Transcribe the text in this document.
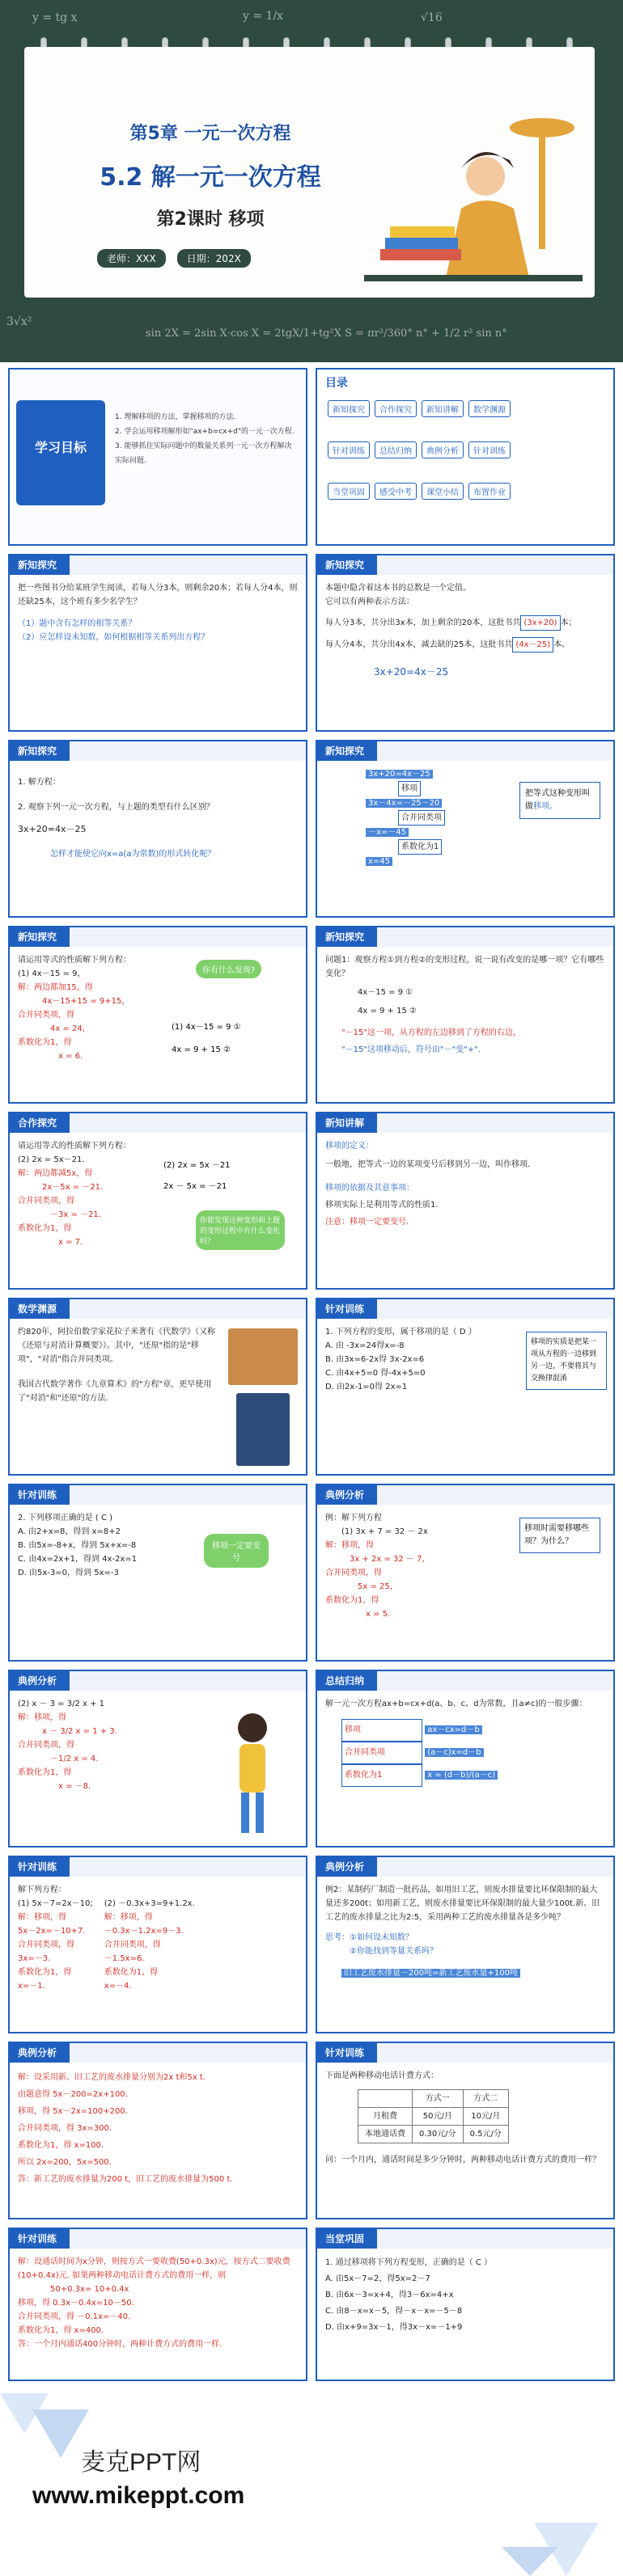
y = tg x	y = 1/x	√16
3√x²
第5章 一元一次方程
5.2 解一元一次方程
第2课时 移项
老师：XXX	日期：202X
sin 2X = 2sin X·cos X = 2tgX/1+tg²X S = πr²/360° n° + 1/2 r² sin n°
学习目标
1. 理解移项的方法，掌握移项的方法.
2. 学会运用移项解形如"ax+b=cx+d"的一元一次方程.
3. 能够抓住实际问题中的数量关系列一元一次方程解决实际问题.
目录
新知探究 合作探究 新知讲解 数学渊源
针对训练 总结归纳 典例分析 针对训练
当堂巩固 感受中考 课堂小结 布置作业
新知探究
把一些图书分给某班学生阅读，若每人分3本，则剩余20本；若每人分4本，则还缺25本，这个班有多少名学生？
（1）题中含有怎样的相等关系？
（2）应怎样设未知数，如何根据相等关系列出方程？
新知探究
本题中隐含着这本书的总数是一个定值。
它可以有两种表示方法：
每人分3本，共分出3x本，加上剩余的20本，这批书共 (3x+20) 本；
每人分4本，共分出4x本，减去缺的25本，这批书共 (4x－25) 本。
3x+20=4x－25
新知探究
1. 解方程：
2. 观察下列一元一次方程，与上题的类型有什么区别？
3x+20=4x－25
怎样才能使它向x=a(a为常数)的形式转化呢？
新知探究
3x+20=4x－25
移项
3x－4x=－25－20
合并同类项
－x=－45
系数化为1
x=45
把等式这种变形叫做移项。
新知探究
请运用等式的性质解下列方程：
(1) 4x－15 = 9，
解：两边都加15，得
4x－15+15 = 9+15，
合并同类项，得
4x = 24，
系数化为1，得
x = 6.
你有什么发现?
(1) 4x－15 = 9 ①
4x = 9 + 15 ②
新知探究
问题1：观察方程①到方程②的变形过程，说一说有改变的是哪一项？它有哪些变化？
4x－15 = 9 ①
4x = 9 + 15 ②
"－15"这一项，从方程的左边移到了方程的右边，
"－15"这项移动后，符号由"－"变"+".
合作探究
请运用等式的性质解下列方程：
(2) 2x = 5x－21.
解：两边都减5x，得
2x－5x = －21.
合并同类项，得
－3x = －21.
系数化为1，得
x = 7.
(2) 2x = 5x －21
2x － 5x = －21
你能发现这种变形和上题的变形过程中有什么变化吗？
新知讲解
移项的定义：
一般地，把等式一边的某项变号后移到另一边，叫作移项.
移项的依据及其意事项：
移项实际上是利用等式的性质1.
注意：移项一定要变号.
数学渊源
约820年，阿拉伯数学家花拉子米著有《代数学》（又称《还原与对消计算概要》）。其中，"还原"指的是"移项"，"对消"指合并同类项。
我国古代数学著作《九章算术》的"方程"章，更早使用了"对消"和"还原"的方法.
针对训练
1. 下列方程的变形，属于移项的是（ D ）
A. 由 -3x=24得x=-8
B. 由3x=6-2x得 3x-2x=6
C. 由4x+5=0 得-4x+5=0
D. 由2x-1=0得 2x=1
移项的实质是把某一项从方程的一边移到另一边，不要将其与交换律混淆
针对训练
2. 下列移项正确的是 ( C )
A. 由2+x=8，得到 x=8+2
B. 由5x=-8+x，得到 5x+x=-8
C. 由4x=2x+1，得到 4x-2x=1
D. 由5x-3=0，得到 5x=-3
移项一定要变号
典例分析
例：解下列方程
(1) 3x + 7 = 32 － 2x
解：移项，得
3x + 2x = 32 － 7，
合并同类项，得
5x = 25，
系数化为1，得
x = 5.
移项时需要移哪些项？为什么？
典例分析
(2) x － 3 = 3/2 x + 1
解：移项，得
x － 3/2 x = 1 + 3.
合并同类项，得
－1/2 x = 4.
系数化为1，得
x = －8.
总结归纳
解一元一次方程ax+b=cx+d(a、b、c、d为常数，且a≠c)的一般步骤：
移项	ax－cx=d－b
合并同类项	(a－c)x=d－b
系数化为1	x = (d－b)/(a－c)
针对训练
解下列方程：
(1) 5x－7=2x－10;
解：移项，得
5x－2x=－10+7.
合并同类项，得
3x=－3.
系数化为1，得
x=－1.
(2) －0.3x+3=9+1.2x.
解：移项，得
－0.3x－1.2x=9－3.
合并同类项，得
－1.5x=6.
系数化为1，得
x=－4.
典例分析
例2：某制药厂制造一批药品，如用旧工艺，则废水排量要比环保限制的最大量还多200t；如用新工艺，则废水排量要比环保限制的最大量少100t.新、旧工艺的废水排量之比为2:5，采用两种工艺的废水排量各是多少吨？
思考：①如何设未知数？
②你能找到等量关系吗？
旧工艺废水排量－200吨=新工艺废水量+100吨
典例分析
解：设采用新、旧工艺的废水排量分别为2x t和5x t.
由题意得 5x－200=2x+100.
移项，得 5x－2x=100+200.
合并同类项，得 3x=300.
系数化为1，得 x=100.
所以 2x=200，5x=500.
答：新工艺的废水排量为200 t，旧工艺的废水排量为500 t.
针对训练
下面是两种移动电话计费方式：
	方式一	方式二
月租费	50元/月	10元/月
本地通话费	0.30元/分	0.5元/分
问：一个月内，通话时间是多少分钟时，两种移动电话计费方式的费用一样？
针对训练
解：设通话时间为x分钟，则按方式一要收费(50+0.3x)元，按方式二要收费(10+0.4x)元. 如果两种移动电话计费方式的费用一样，则
50+0.3x= 10+0.4x
移项，得 0.3x－0.4x=10－50.
合并同类项，得 －0.1x=－40.
系数化为1，得 x=400.
答：一个月内通话400分钟时，两种计费方式的费用一样.
当堂巩固
1. 通过移项将下列方程变形，正确的是（ C ）
A. 由5x－7=2，得5x=2－7
B. 由6x－3=x+4，得3－6x=4+x
C. 由8－x=x－5，得－x－x=－5－8
D. 由x+9=3x－1，得3x－x=－1+9
麦克PPT网
www.mikeppt.com
